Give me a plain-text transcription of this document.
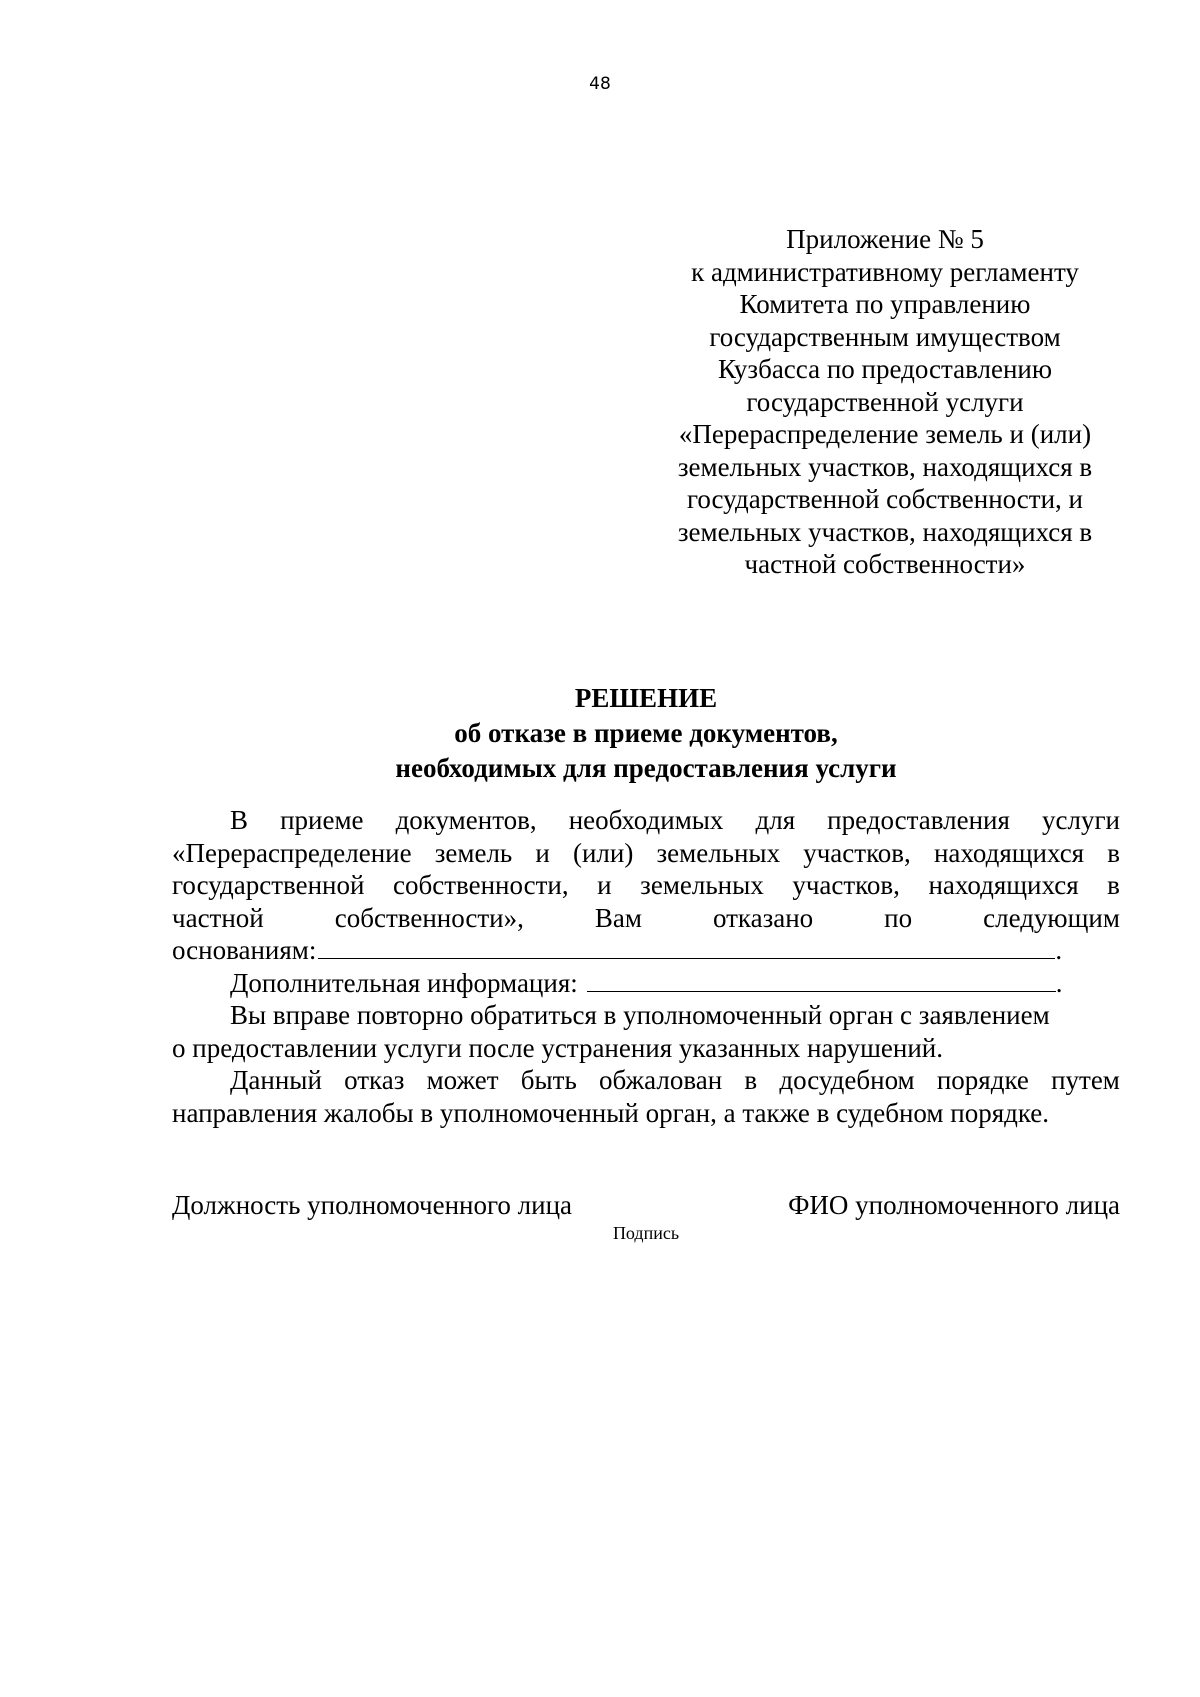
48
Приложение № 5
к административному регламенту
Комитета по управлению
государственным имуществом
Кузбасса по предоставлению
государственной услуги
«Перераспределение земель и (или)
земельных участков, находящихся в
государственной собственности, и
земельных участков, находящихся в
частной собственности»
РЕШЕНИЕ
об отказе в приеме документов,
необходимых для предоставления услуги
В приеме документов, необходимых для предоставления услуги
«Перераспределение земель и (или) земельных участков, находящихся в
государственной собственности, и земельных участков, находящихся в
частной	собственности»,	Вам	отказано	по	следующим
основаниям:	.
Дополнительная информация:	.
Вы вправе повторно обратиться в уполномоченный орган с заявлением
о предоставлении услуги после устранения указанных нарушений.
Данный отказ может быть обжалован в досудебном порядке путем
направления жалобы в уполномоченный орган, а также в судебном порядке.
Должность уполномоченного лица	ФИО уполномоченного лица
Подпись
